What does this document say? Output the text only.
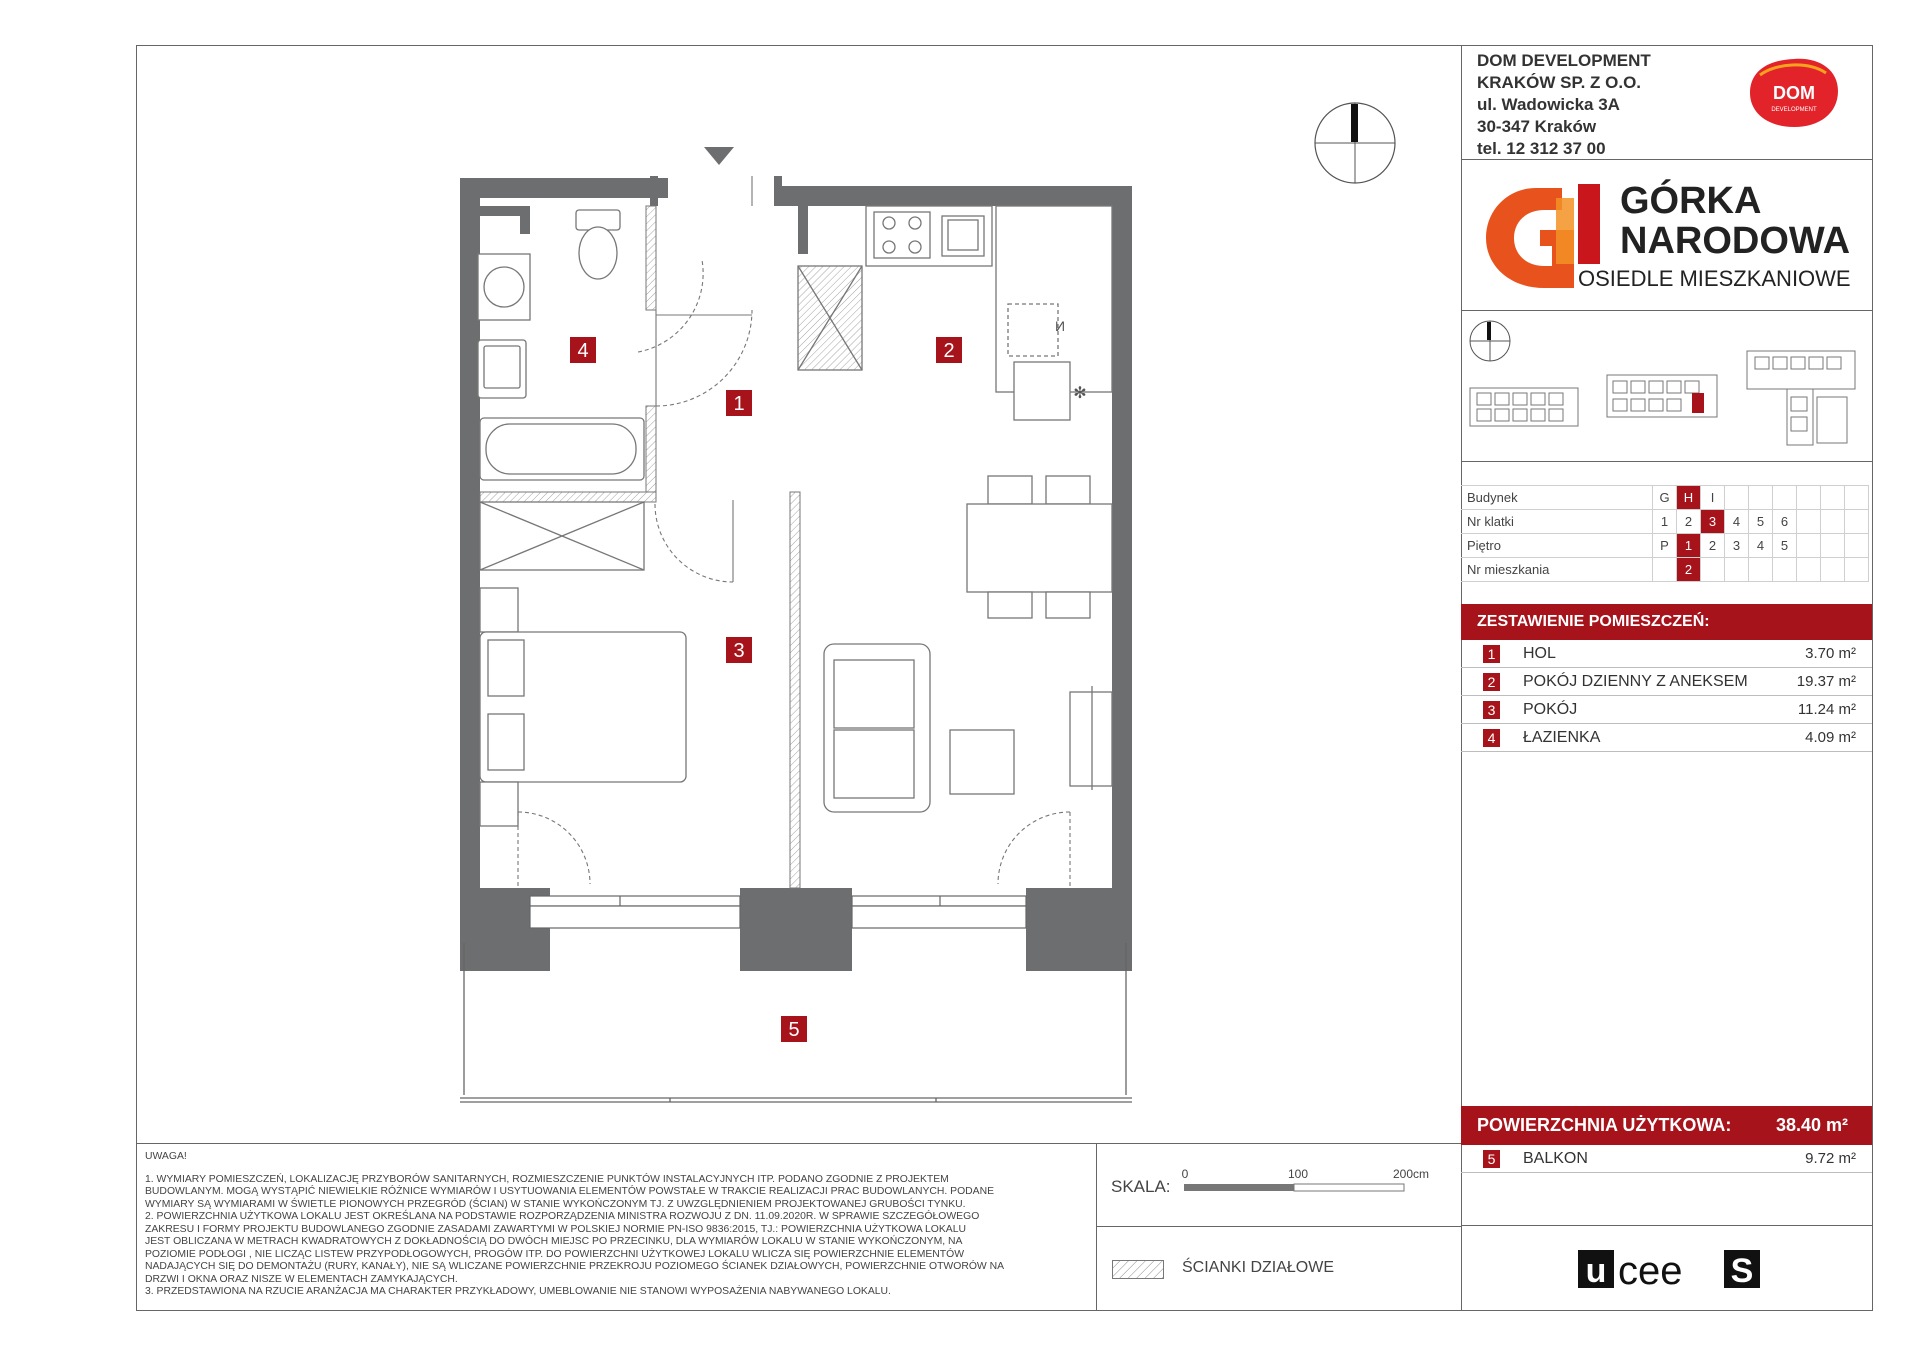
DOM DEVELOPMENT
KRAKÓW SP. Z O.O.
ul. Wadowicka 3A
30-347 Kraków
tel. 12 312 37 00
DOM
DEVELOPMENT
GÓRKA
NARODOWA
OSIEDLE MIESZKANIOWE
Budynek	G	H	I						
Nr klatki	1	2	3	4	5	6			
Piętro	P	1	2	3	4	5			
Nr mieszkania		2							
ZESTAWIENIE POMIESZCZEŃ:
1 HOL	3.70 m²
2 POKÓJ DZIENNY Z ANEKSEM	19.37 m²
3 POKÓJ	11.24 m²
4 ŁAZIENKA	4.09 m²
POWIERZCHNIA UŻYTKOWA: 38.40 m²
5 BALKON	9.72 m²
UWAGA!
1. WYMIARY POMIESZCZEŃ, LOKALIZACJĘ PRZYBORÓW SANITARNYCH, ROZMIESZCZENIE PUNKTÓW INSTALACYJNYCH ITP. PODANO ZGODNIE Z PROJEKTEM
BUDOWLANYM. MOGĄ WYSTĄPIĆ NIEWIELKIE RÓŻNICE WYMIARÓW I USYTUOWANIA ELEMENTÓW POWSTAŁE W TRAKCIE REALIZACJI PRAC BUDOWLANYCH. PODANE
WYMIARY SĄ WYMIARAMI W ŚWIETLE PIONOWYCH PRZEGRÓD (ŚCIAN) W STANIE WYKOŃCZONYM TJ. Z UWZGLĘDNIENIEM PROJEKTOWANEJ GRUBOŚCI TYNKU.
2. POWIERZCHNIA UŻYTKOWA LOKALU JEST OKREŚLANA NA PODSTAWIE ROZPORZĄDZENIA MINISTRA ROZWOJU Z DN. 11.09.2020R. W SPRAWIE SZCZEGÓŁOWEGO
ZAKRESU I FORMY PROJEKTU BUDOWLANEGO ZGODNIE ZASADAMI ZAWARTYMI W POLSKIEJ NORMIE PN-ISO 9836:2015, TJ.: POWIERZCHNIA UŻYTKOWA LOKALU
JEST OBLICZANA W METRACH KWADRATOWYCH Z DOKŁADNOŚCIĄ DO DWÓCH MIEJSC PO PRZECINKU, DLA WYMIARÓW LOKALU W STANIE WYKOŃCZONYM, NA
POZIOMIE PODŁOGI , NIE LICZĄC LISTEW PRZYPODŁOGOWYCH, PROGÓW ITP. DO POWIERZCHNI UŻYTKOWEJ LOKALU WLICZA SIĘ POWIERZCHNIE ELEMENTÓW
NADAJĄCYCH SIĘ DO DEMONTAŻU (RURY, KANAŁY), NIE SĄ WLICZANE POWIERZCHNIE PRZEKROJU POZIOMEGO ŚCIANEK DZIAŁOWYCH, POWIERZCHNIE OTWORÓW NA
DRZWI I OKNA ORAZ NISZE W ELEMENTACH ZAMYKAJĄCYCH.
3. PRZEDSTAWIONA NA RZUCIE ARANŻACJA MA CHARAKTER PRZYKŁADOWY, UMEBLOWANIE NIE STANOWI WYPOSAŻENIA NABYWANEGO LOKALU.
SKALA:
0	100	200cm
ŚCIANKI DZIAŁOWE	u cee S
И
✻
4
1
2
3
5
